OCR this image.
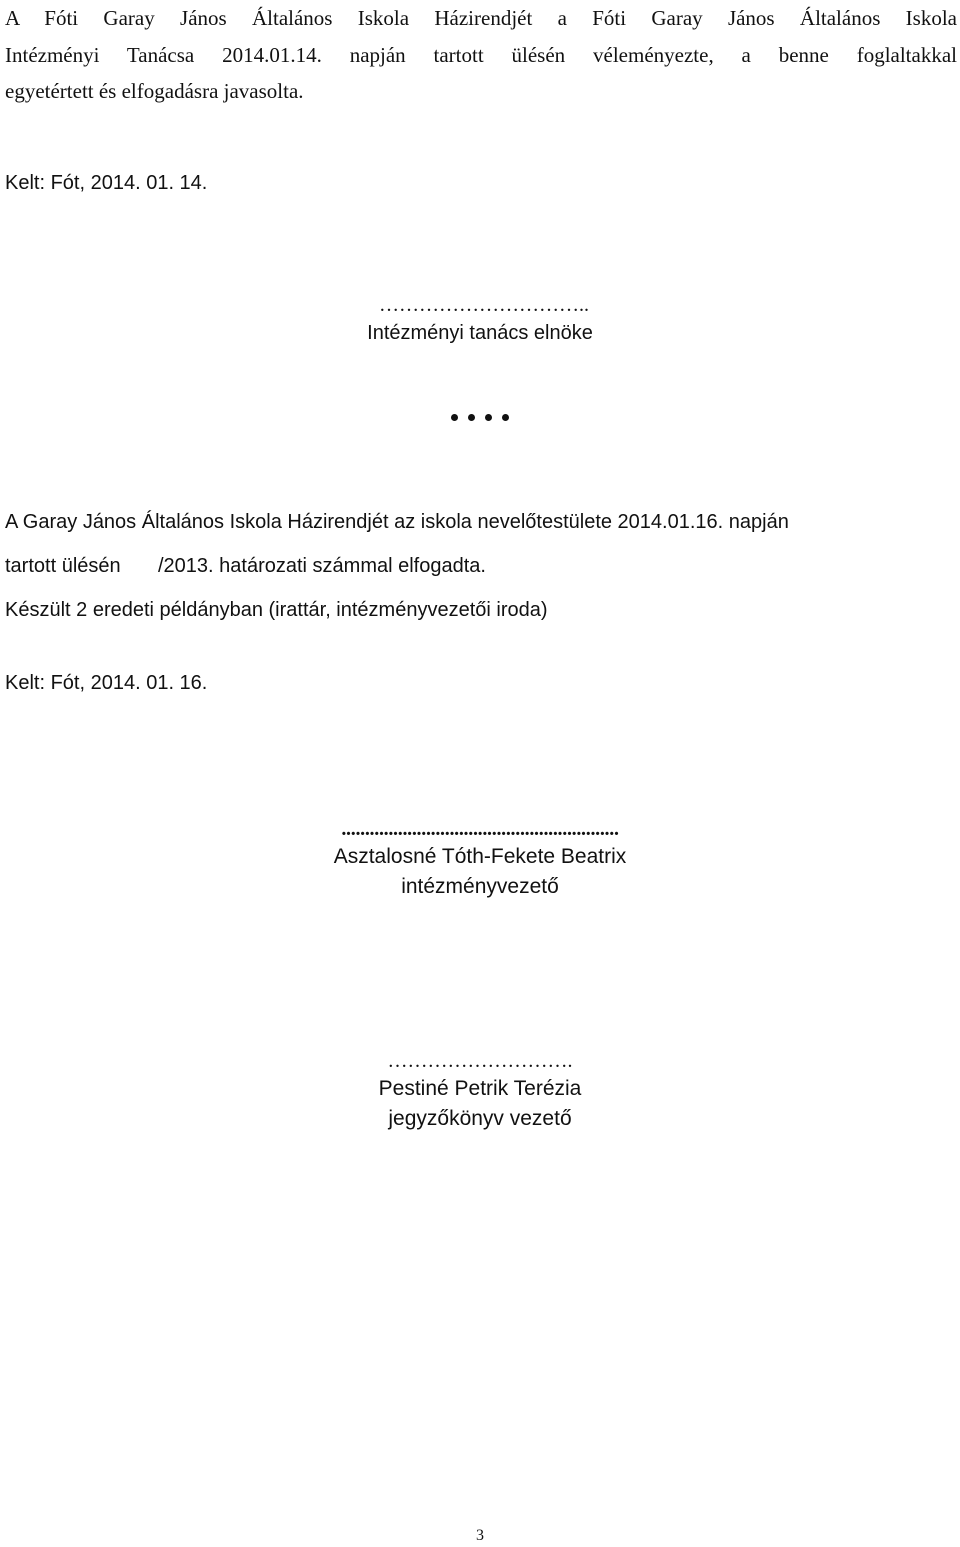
A Fóti Garay János Általános Iskola Házirendjét a Fóti Garay János Általános Iskola
Intézményi Tanácsa 2014.01.14. napján tartott ülésén véleményezte, a benne foglaltakkal
egyetértett és elfogadásra javasolta.
Kelt: Fót, 2014. 01. 14.
…………………………..
Intézményi tanács elnöke
A Garay János Általános Iskola Házirendjét az iskola nevelőtestülete 2014.01.16. napján
tartott ülésén /2013. határozati számmal elfogadta.
Készült 2 eredeti példányban (irattár, intézményvezetői iroda)
Kelt: Fót, 2014. 01. 16.
...........................................................
Asztalosné Tóth-Fekete Beatrix
intézményvezető
……………………….
Pestiné Petrik Terézia
jegyzőkönyv vezető
3
